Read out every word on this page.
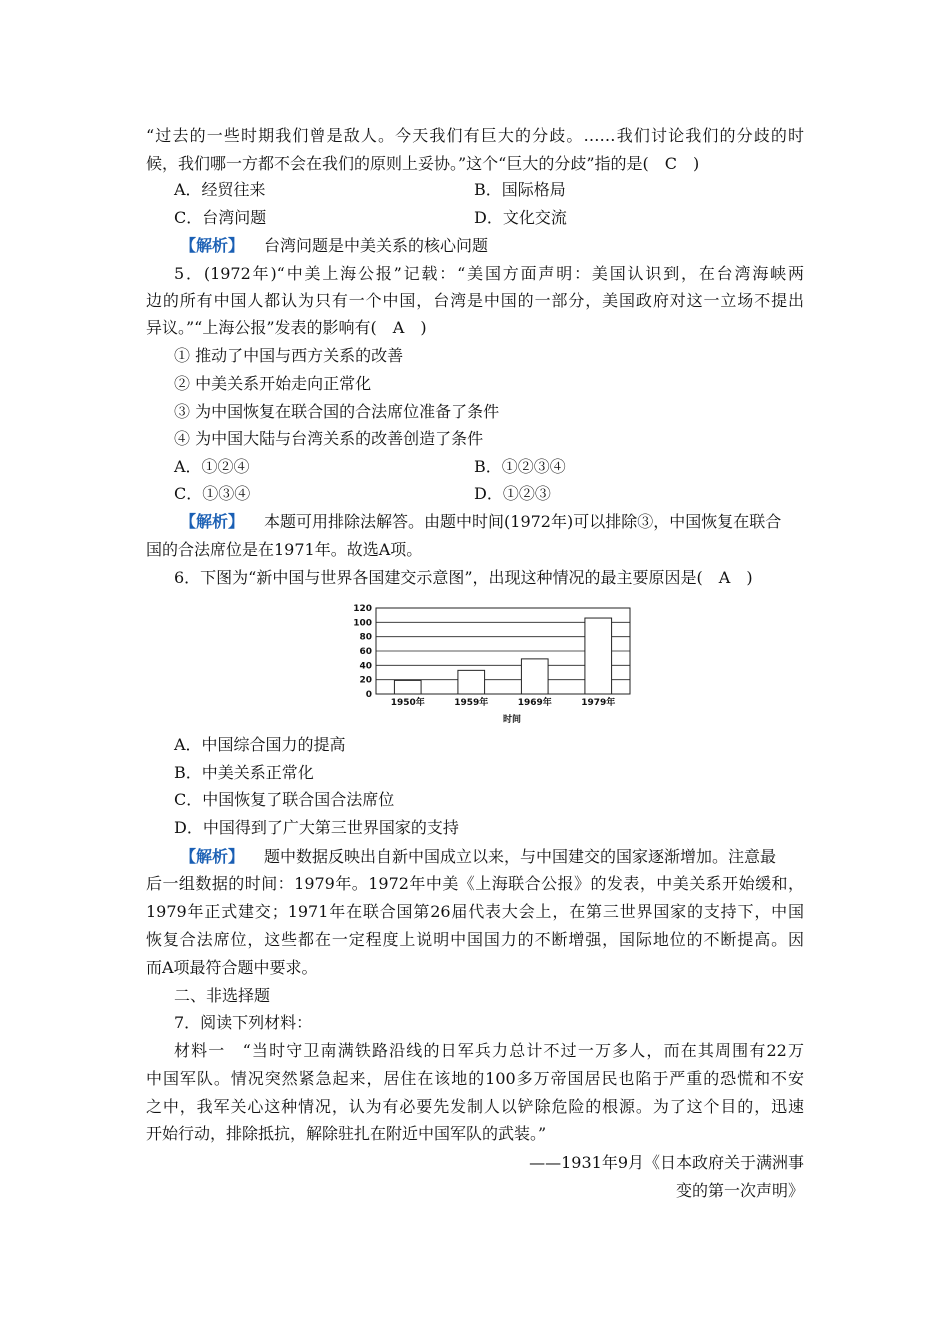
“过去的一些时期我们曾是敌人。今天我们有巨大的分歧。……我们讨论我们的分歧的时
候，我们哪一方都不会在我们的原则上妥协。”这个“巨大的分歧”指的是(　C　)
A．经贸往来	B．国际格局
C．台湾问题	D．文化交流
【解析】 台湾问题是中美关系的核心问题
5．(1972年)“中美上海公报”记载：“美国方面声明：美国认识到，在台湾海峡两
边的所有中国人都认为只有一个中国，台湾是中国的一部分，美国政府对这一立场不提出
异议。”“上海公报”发表的影响有(　A　)
① 推动了中国与西方关系的改善
② 中美关系开始走向正常化
③ 为中国恢复在联合国的合法席位准备了条件
④ 为中国大陆与台湾关系的改善创造了条件
A．①②④	B．①②③④
C．①③④	D．①②③
【解析】 本题可用排除法解答。由题中时间(1972年)可以排除③，中国恢复在联合
国的合法席位是在1971年。故选A项。
6．下图为“新中国与世界各国建交示意图”，出现这种情况的最主要原因是(　A　)
0
20
40
60
80
100
120
1950年	1959年	1969年	1979年
时间
A．中国综合国力的提高
B．中美关系正常化
C．中国恢复了联合国合法席位
D．中国得到了广大第三世界国家的支持
【解析】 题中数据反映出自新中国成立以来，与中国建交的国家逐渐增加。注意最
后一组数据的时间：1979年。1972年中美《上海联合公报》的发表，中美关系开始缓和，
1979年正式建交；1971年在联合国第26届代表大会上，在第三世界国家的支持下，中国
恢复合法席位，这些都在一定程度上说明中国国力的不断增强，国际地位的不断提高。因
而A项最符合题中要求。
二、非选择题
7．阅读下列材料：
材料一　“当时守卫南满铁路沿线的日军兵力总计不过一万多人，而在其周围有22万
中国军队。情况突然紧急起来，居住在该地的100多万帝国居民也陷于严重的恐慌和不安
之中，我军关心这种情况，认为有必要先发制人以铲除危险的根源。为了这个目的，迅速
开始行动，排除抵抗，解除驻扎在附近中国军队的武装。”
——1931年9月《日本政府关于满洲事
变的第一次声明》
